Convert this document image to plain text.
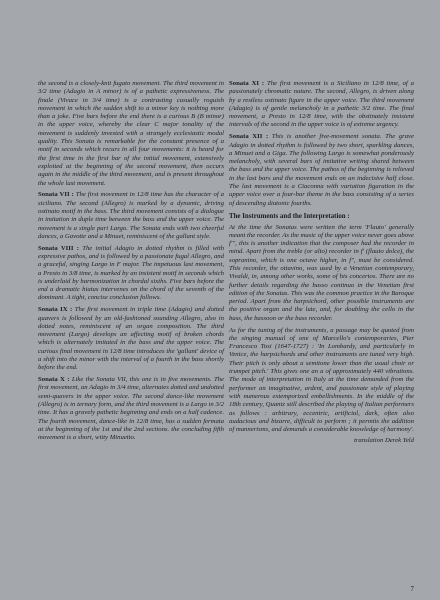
the second is a closely-knit fugato movement. The third movement in 3/2 time (Adagio in A minor) is of a pathetic expressiveness. The finale (Vivace in 3/4 time) is a contrasting casually roguish movement in which the sudden shift to a minor key is nothing more than a joke. Five bars before the end there is a curious B (B minor) in the upper voice, whereby the clear C major tonality of the movement is suddenly invested with a strangely ecclesiastic modal quality. This Sonata is remarkable for the constant presence of a motif in seconds which recurs in all four movements: it is heard for the first time in the first bar of the initial movement, extensively exploited at the beginning of the second movement, then occurs again in the middle of the third movement, and is present throughout the whole last movement.

Sonata VII : The first movement in 12/8 time has the character of a siciliano. The second (Allegro) is marked by a dynamic, driving ostinato motif in the bass. The third movement consists of a dialogue in imitation in duple time between the bass and the upper voice. The movement is a single pari Largo. The Sonata ends with two cheerful dances, a Gavotte and a Minuet, reminiscent of the gallant style.

Sonata VIII : The initial Adagio in dotted rhythm is filled with expressive pathos, and is followed by a passionate fugal Allegro, and a graceful, singing Largo in F major. The impetuous last movement, a Presto in 3/8 time, is marked by an insistent motif in seconds which is underlaid by harmonization in chordal sixths. Five bars before the end a dramatic hiatus intervenes on the chord of the seventh of the dominant. A tight, concise conclusion follows.

Sonata IX : The first movement in triple time (Adagio) and dotted quavers is followed by an old-fashioned sounding Allegro, also in dotted notes, reminiscent of an organ composition. The third movement (Largo) develops an affecting motif of broken chords which is alternately imitated in the bass and the upper voice. The curious final movement in 12/8 time introduces the 'gallant' device of a shift into the minor with the interval of a fourth in the bass shortly before the end.

Sonata X : Like the Sonata VII, this one is in five movements. The first movement, an Adagio in 3/4 time, alternates dotted and undotted semi-quavers in the upper voice. The second dance-like movement (Allegro) is in ternary form, and the third movement is a Largo in 3/2 time. It has a gravely pathetic beginning and ends on a half cadence. The fourth movement, dance-like in 12/8 time, has a sudden fermata at the beginning of the 1st and the 2nd sections. the concluding fifth movement is a short, witty Minuetto.

Sonata XI : The first movement is a Siciliano in 12/8 time, of a passionately chromatic nature. The second, Allegro, is driven along by a restless ostinato figure in the upper voice. The third movement (Adagio) is of gentle melancholy in a pathetic 3/2 time. The final movement, a Presto in 12/8 time, with the obstinately insistent intervals of the second in the upper voice is of extreme urgency.

Sonata XII : This is another five-movement sonata. The grave Adagio in dotted rhythm is followed by two short, sparkling dances, a Minuet and a Giga. The following Largo is somewhat ponderously melancholy, with several bars of imitative writing shared between the bass and the upper voice. The pathos of the beginning is relieved in the last bars and the movement ends on an indecisive half close. The last movement is a Ciaconna with variation figuration in the upper voice over a four-bar theme in the bass consisting of a series of descending diatonic fourths.

The Instruments and the Interpretation :

At the time the Sonatas were written the term 'Flauto' generally meant the recorder. As the music of the upper voice never goes above f''', this is another indication that the composer had the recorder in mind. Apart from the treble (or alto) recorder in f' (flauto dolce), the sopranino, which is one octave higher, in f'', must be considered. This recorder, the ottavino, was used by a Venetian contemporary, Vivaldi, in, among other works, some of his concertos. There are no further details regarding the basso continuo in the Venetian first edition of the Sonatas. This was the common practice in the Baroque period. Apart from the harpsichord, other possible instruments are the positive organ and the lute, and, for doubling the cello in the bass, the bassoon or the bass recorder.

As for the tuning of the instruments, a passage may be quoted from the singing manual of one of Marcello's contemporaries, Pier Francesco Tosi (1647-1727) : 'In Lombardy, and particularly in Venice, the harpsichords and other instruments are tuned very high. Their pitch is only about a semitone lower than the usual choir or trumpet pitch.' This gives one an a of approximately 440 vibrations. The mode of interpretation in Italy at the time demanded from the performer an imaginative, ardent, and passionate style of playing with numerous extemporized embellishments. In the middle of the 18th century, Quantz still described the playing of Italian performers as follows : arbitrary, eccentric, artificial, dark, often also audacious and bizarre, difficult to perform ; it permits the addition of mannerisms, and demands a considerable knowledge of harmony'.

translation Derek Yeld
7
